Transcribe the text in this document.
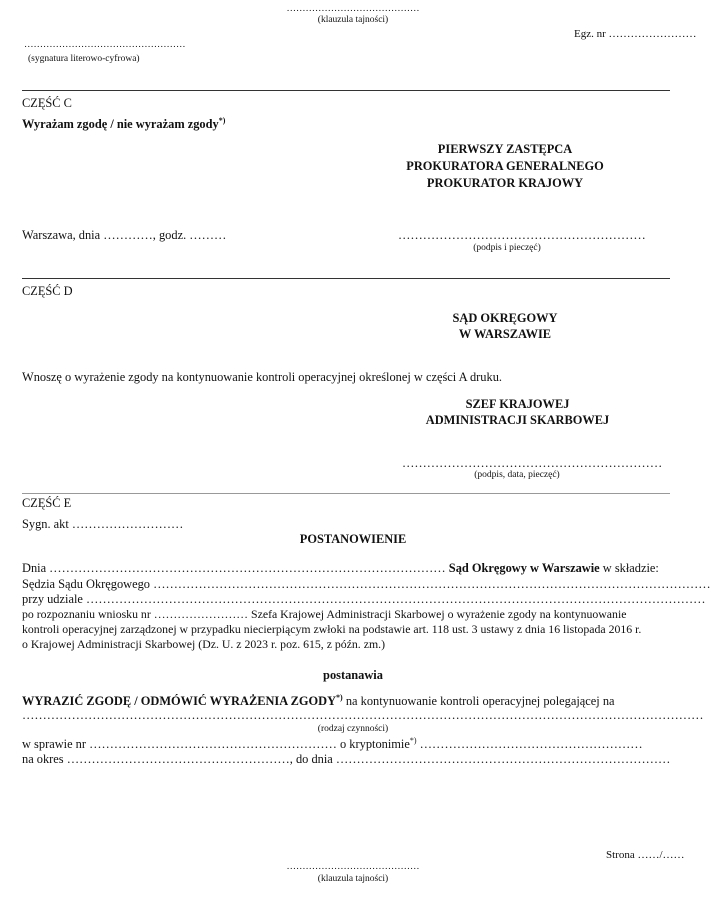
……………………………………
(klauzula tajności)
Egz. nr ……………………
……………………………………………
(sygnatura literowo-cyfrowa)
CZĘŚĆ C
Wyrażam zgodę / nie wyrażam zgody*)
PIERWSZY ZASTĘPCA
PROKURATORA GENERALNEGO
PROKURATOR KRAJOWY
Warszawa, dnia …………, godz. ………	……………………………………………………
(podpis i pieczęć)
CZĘŚĆ D
SĄD OKRĘGOWY
W WARSZAWIE
Wnoszę o wyrażenie zgody na kontynuowanie kontroli operacyjnej określonej w części A druku.
SZEF KRAJOWEJ
ADMINISTRACJI SKARBOWEJ
………………………………………………………
(podpis, data, pieczęć)
CZĘŚĆ E
Sygn. akt ………………………
POSTANOWIENIE
Dnia …………………………………………………………………………………… Sąd Okręgowy w Warszawie w składzie:
Sędzia Sądu Okręgowego ………………………………………………………………………………………………………………………
przy udziale ……………………………………………………………………………………………………………………………………
po rozpoznaniu wniosku nr …………………… Szefa Krajowej Administracji Skarbowej o wyrażenie zgody na kontynuowanie
kontroli operacyjnej zarządzonej w przypadku niecierpiącym zwłoki na podstawie art. 118 ust. 3 ustawy z dnia 16 listopada 2016 r.
o Krajowej Administracji Skarbowej (Dz. U. z 2023 r. poz. 615, z późn. zm.)
postanawia
WYRAZIĆ ZGODĘ / ODMÓWIĆ WYRAŻENIA ZGODY*) na kontynuowanie kontroli operacyjnej polegającej na
…………………………………………………………………………………………………………………………………………………
(rodzaj czynności)
w sprawie nr …………………………………………………… o kryptonimie*) ………………………………………………
na okres ………………………………………………, do dnia ………………………………………………………………………
Strona ……/……
……………………………………
(klauzula tajności)
